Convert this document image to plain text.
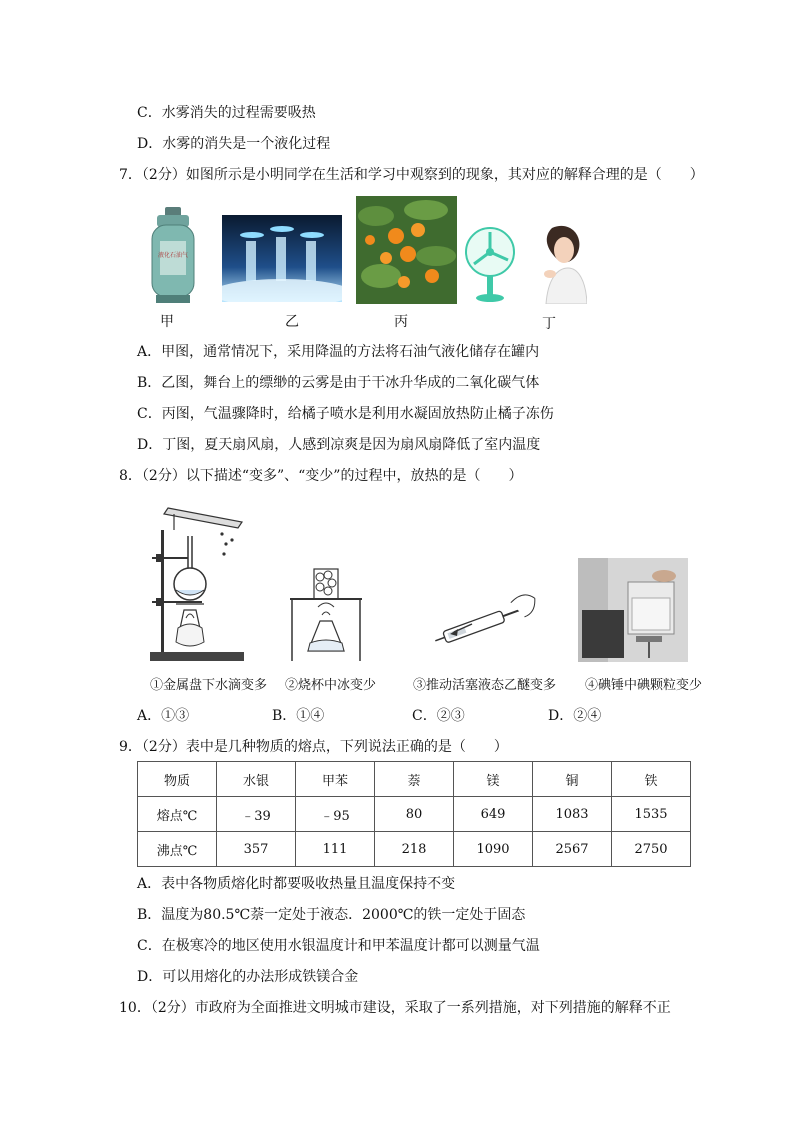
C．水雾消失的过程需要吸热
D．水雾的消失是一个液化过程
7．（2分）如图所示是小明同学在生活和学习中观察到的现象，其对应的解释合理的是（　　）
液化石油气
甲	乙	丙	丁
A．甲图，通常情况下，采用降温的方法将石油气液化储存在罐内
B．乙图，舞台上的缥缈的云雾是由于干冰升华成的二氧化碳气体
C．丙图，气温骤降时，给橘子喷水是利用水凝固放热防止橘子冻伤
D．丁图，夏天扇风扇，人感到凉爽是因为扇风扇降低了室内温度
8．（2分）以下描述“变多”、“变少”的过程中，放热的是（　　）
①金属盘下水滴变多 ②烧杯中冰变少	③推动活塞液态乙醚变多 ④碘锤中碘颗粒变少
A．①③	B．①④	C．②③	D．②④
9．（2分）表中是几种物质的熔点，下列说法正确的是（　　）
物质	水银	甲苯	萘	镁	铜	铁
熔点℃	﹣39	﹣95	80	649	1083	1535
沸点℃	357	111	218	1090	2567	2750
A．表中各物质熔化时都要吸收热量且温度保持不变
B．温度为80.5℃萘一定处于液态．2000℃的铁一定处于固态
C．在极寒冷的地区使用水银温度计和甲苯温度计都可以测量气温
D．可以用熔化的办法形成铁镁合金
10．（2分）市政府为全面推进文明城市建设，采取了一系列措施，对下列措施的解释不正
